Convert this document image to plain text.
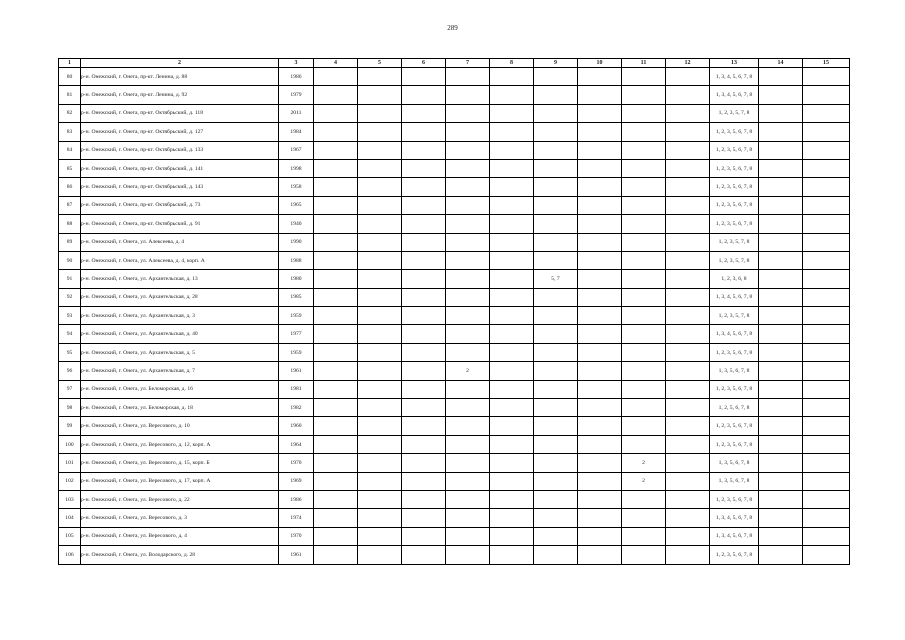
289
1	2	3	4	5	6	7	8	9	10	11	12	13	14	15
80	р-н. Онежский, г. Онега, пр-кт. Ленина, д. 88	1986										1, 3, 4, 5, 6, 7, 8		
81	р-н. Онежский, г. Онега, пр-кт. Ленина, д. 92	1979										1, 3, 4, 5, 6, 7, 8		
82	р-н. Онежский, г. Онега, пр-кт. Октябрьский, д. 118	2011										1, 2, 3, 5, 7, 8		
83	р-н. Онежский, г. Онега, пр-кт. Октябрьский, д. 127	1984										1, 2, 3, 5, 6, 7, 8		
84	р-н. Онежский, г. Онега, пр-кт. Октябрьский, д. 133	1967										1, 2, 3, 5, 6, 7, 8		
85	р-н. Онежский, г. Онега, пр-кт. Октябрьский, д. 141	1998										1, 2, 3, 5, 6, 7, 8		
86	р-н. Онежский, г. Онега, пр-кт. Октябрьский, д. 143	1958										1, 2, 3, 5, 6, 7, 8		
87	р-н. Онежский, г. Онега, пр-кт. Октябрьский, д. 73	1965										1, 2, 3, 5, 6, 7, 8		
88	р-н. Онежский, г. Онега, пр-кт. Октябрьский, д. 91	1940										1, 2, 3, 5, 6, 7, 8		
89	р-н. Онежский, г. Онега, ул. Алексеева, д. 4	1990										1, 2, 3, 5, 7, 8		
90	р-н. Онежский, г. Онега, ул. Алексеева, д. 4, корп. А	1988										1, 2, 3, 5, 7, 8		
91	р-н. Онежский, г. Онега, ул. Архангельская, д. 13	1980						5, 7				1, 2, 3, 6, 8		
92	р-н. Онежский, г. Онега, ул. Архангельская, д. 28	1985										1, 3, 4, 5, 6, 7, 8		
93	р-н. Онежский, г. Онега, ул. Архангельская, д. 3	1959										1, 2, 3, 5, 7, 8		
94	р-н. Онежский, г. Онега, ул. Архангельская, д. 40	1977										1, 3, 4, 5, 6, 7, 8		
95	р-н. Онежский, г. Онега, ул. Архангельская, д. 5	1959										1, 2, 3, 5, 6, 7, 8		
96	р-н. Онежский, г. Онега, ул. Архангельская, д. 7	1961				2						1, 3, 5, 6, 7, 8		
97	р-н. Онежский, г. Онега, ул. Беломорская, д. 16	1981										1, 2, 3, 5, 6, 7, 8		
98	р-н. Онежский, г. Онега, ул. Беломорская, д. 18	1982										1, 2, 5, 6, 7, 8		
99	р-н. Онежский, г. Онега, ул. Вересового, д. 10	1960										1, 2, 3, 5, 6, 7, 8		
100	р-н. Онежский, г. Онега, ул. Вересового, д. 12, корп. А	1964										1, 2, 3, 5, 6, 7, 8		
101	р-н. Онежский, г. Онега, ул. Вересового, д. 15, корп. Б	1970								2		1, 3, 5, 6, 7, 8		
102	р-н. Онежский, г. Онега, ул. Вересового, д. 17, корп. А	1969								2		1, 3, 5, 6, 7, 8		
103	р-н. Онежский, г. Онега, ул. Вересового, д. 22	1986										1, 2, 3, 5, 6, 7, 8		
104	р-н. Онежский, г. Онега, ул. Вересового, д. 3	1974										1, 3, 4, 5, 6, 7, 8		
105	р-н. Онежский, г. Онега, ул. Вересового, д. 4	1970										1, 3, 4, 5, 6, 7, 8		
106	р-н. Онежский, г. Онега, ул. Володарского, д. 28	1961										1, 2, 3, 5, 6, 7, 8		
